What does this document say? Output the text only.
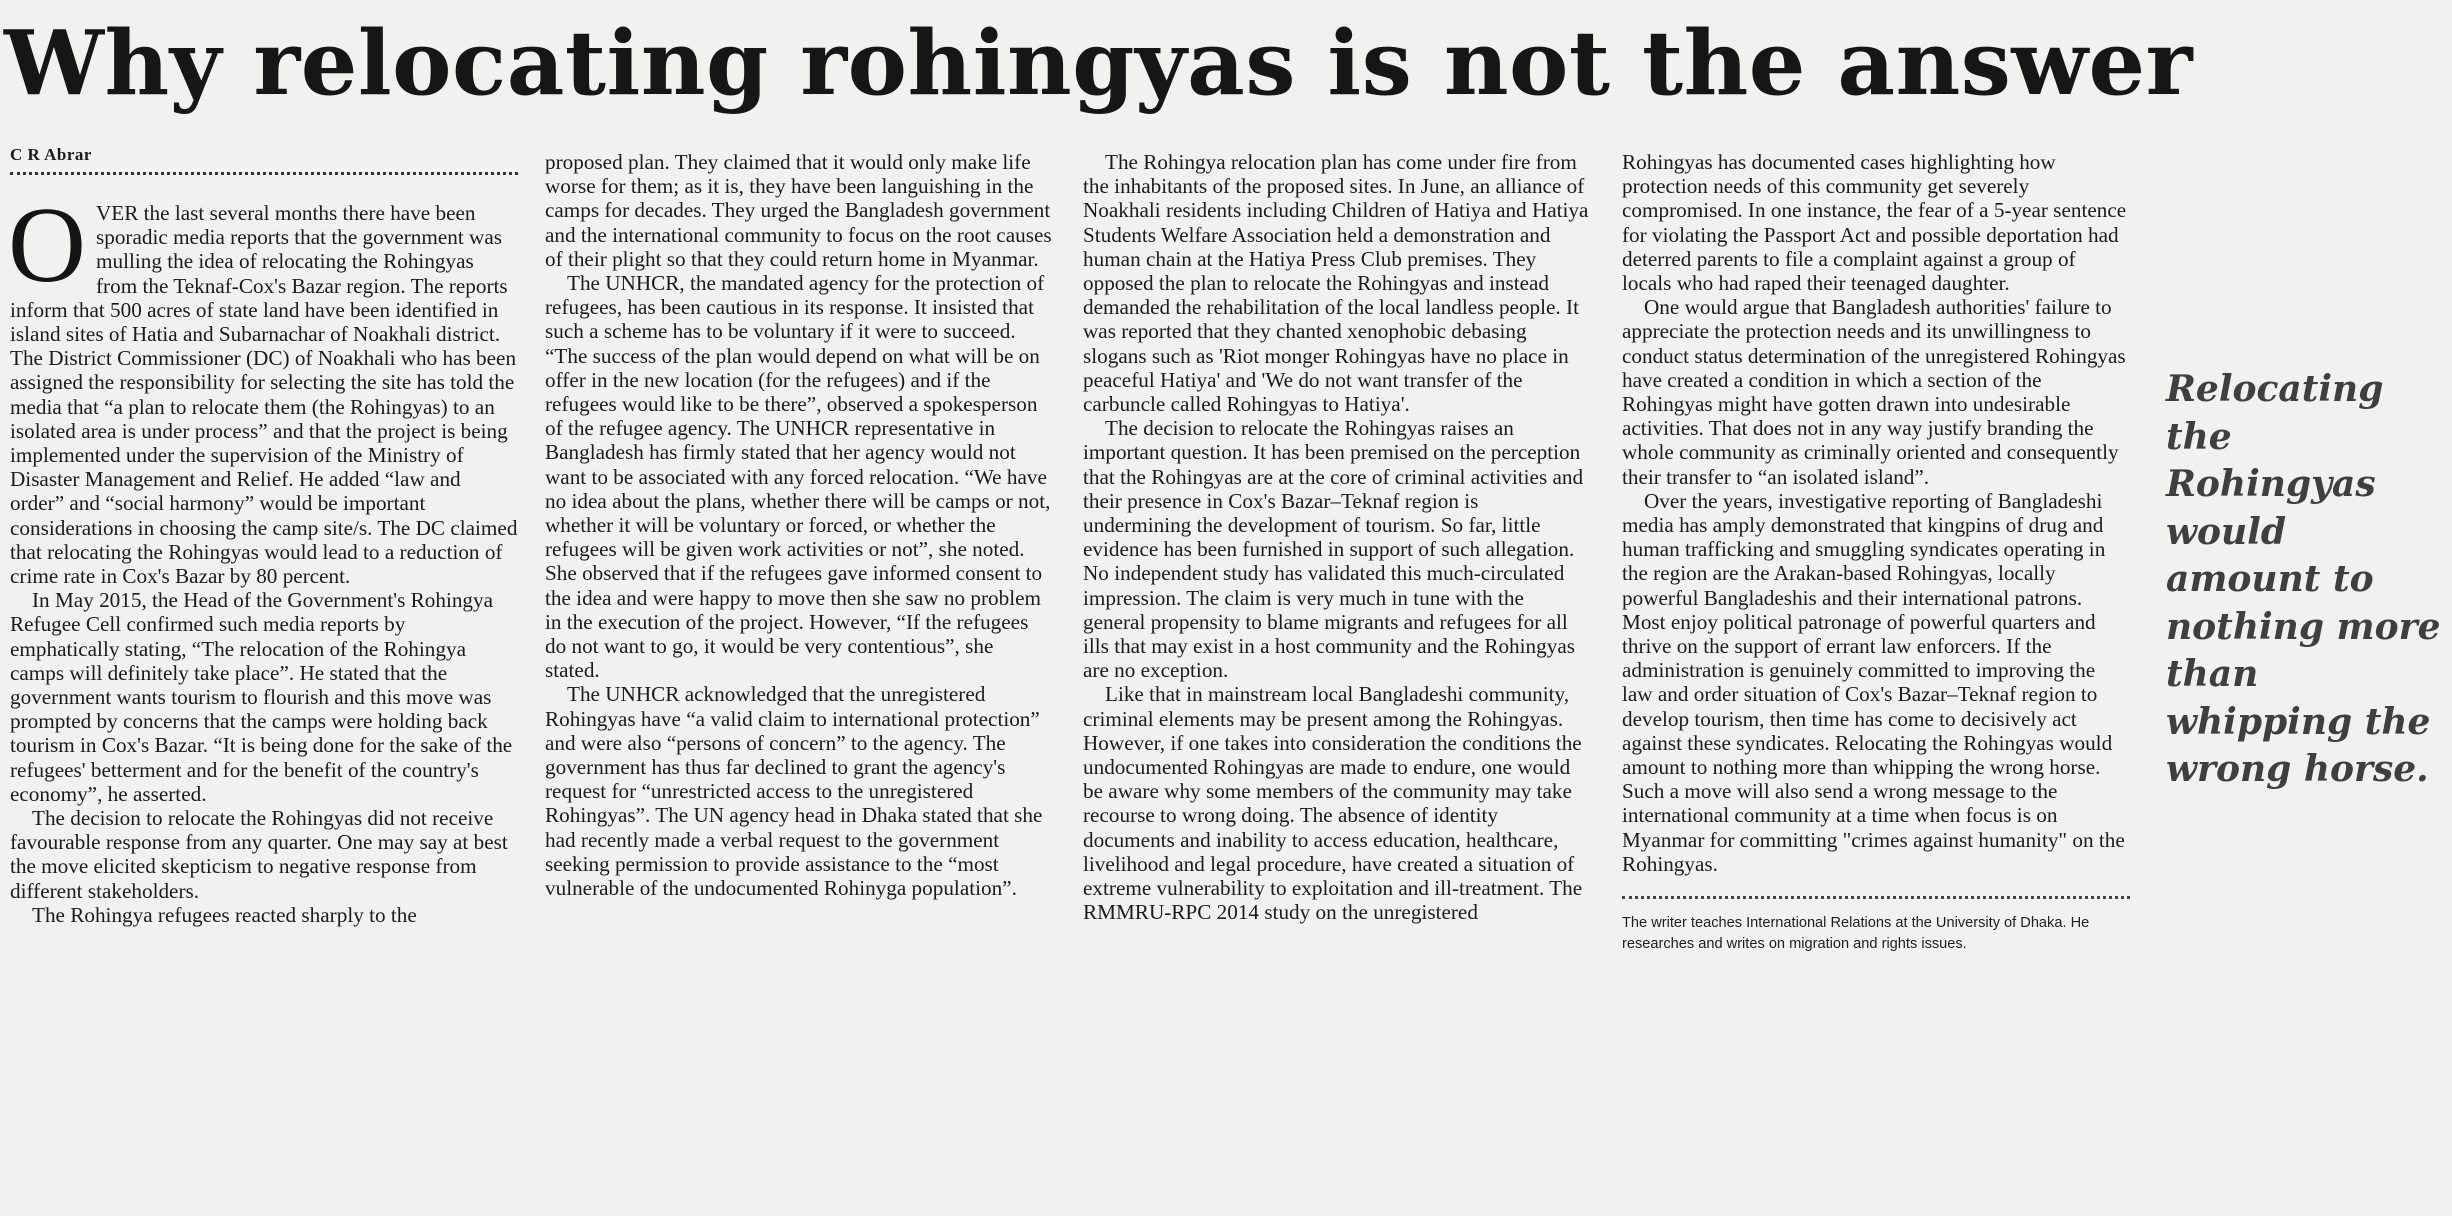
Why relocating rohingyas is not the answer
C R Abrar

OVER the last several months there have been sporadic media reports that the government was mulling the idea of relocating the Rohingyas from the Teknaf-Cox's Bazar region. The reports inform that 500 acres of state land have been identified in island sites of Hatia and Subarnachar of Noakhali district. The District Commissioner (DC) of Noakhali who has been assigned the responsibility for selecting the site has told the media that “a plan to relocate them (the Rohingyas) to an isolated area is under process” and that the project is being implemented under the supervision of the Ministry of Disaster Management and Relief. He added “law and order” and “social harmony” would be important considerations in choosing the camp site/s. The DC claimed that relocating the Rohingyas would lead to a reduction of crime rate in Cox's Bazar by 80 percent.

In May 2015, the Head of the Government's Rohingya Refugee Cell confirmed such media reports by emphatically stating, “The relocation of the Rohingya camps will definitely take place”. He stated that the government wants tourism to flourish and this move was prompted by concerns that the camps were holding back tourism in Cox's Bazar. “It is being done for the sake of the refugees' betterment and for the benefit of the country's economy”, he asserted.

The decision to relocate the Rohingyas did not receive favourable response from any quarter. One may say at best the move elicited skepticism to negative response from different stakeholders.

The Rohingya refugees reacted sharply to the

proposed plan. They claimed that it would only make life worse for them; as it is, they have been languishing in the camps for decades. They urged the Bangladesh government and the international community to focus on the root causes of their plight so that they could return home in Myanmar.

The UNHCR, the mandated agency for the protection of refugees, has been cautious in its response. It insisted that such a scheme has to be voluntary if it were to succeed. “The success of the plan would depend on what will be on offer in the new location (for the refugees) and if the refugees would like to be there”, observed a spokesperson of the refugee agency. The UNHCR representative in Bangladesh has firmly stated that her agency would not want to be associated with any forced relocation. “We have no idea about the plans, whether there will be camps or not, whether it will be voluntary or forced, or whether the refugees will be given work activities or not”, she noted. She observed that if the refugees gave informed consent to the idea and were happy to move then she saw no problem in the execution of the project. However, “If the refugees do not want to go, it would be very contentious”, she stated.

The UNHCR acknowledged that the unregistered Rohingyas have “a valid claim to international protection” and were also “persons of concern” to the agency. The government has thus far declined to grant the agency's request for “unrestricted access to the unregistered Rohingyas”. The UN agency head in Dhaka stated that she had recently made a verbal request to the government seeking permission to provide assistance to the “most vulnerable of the undocumented Rohinyga population”.

The Rohingya relocation plan has come under fire from the inhabitants of the proposed sites. In June, an alliance of Noakhali residents including Children of Hatiya and Hatiya Students Welfare Association held a demonstration and human chain at the Hatiya Press Club premises. They opposed the plan to relocate the Rohingyas and instead demanded the rehabilitation of the local landless people. It was reported that they chanted xenophobic debasing slogans such as 'Riot monger Rohingyas have no place in peaceful Hatiya' and 'We do not want transfer of the carbuncle called Rohingyas to Hatiya'.

The decision to relocate the Rohingyas raises an important question. It has been premised on the perception that the Rohingyas are at the core of criminal activities and their presence in Cox's Bazar–Teknaf region is undermining the development of tourism. So far, little evidence has been furnished in support of such allegation. No independent study has validated this much-circulated impression. The claim is very much in tune with the general propensity to blame migrants and refugees for all ills that may exist in a host community and the Rohingyas are no exception.

Like that in mainstream local Bangladeshi community, criminal elements may be present among the Rohingyas. However, if one takes into consideration the conditions the undocumented Rohingyas are made to endure, one would be aware why some members of the community may take recourse to wrong doing. The absence of identity documents and inability to access education, healthcare, livelihood and legal procedure, have created a situation of extreme vulnerability to exploitation and ill-treatment. The RMMRU-RPC 2014 study on the unregistered

Rohingyas has documented cases highlighting how protection needs of this community get severely compromised. In one instance, the fear of a 5-year sentence for violating the Passport Act and possible deportation had deterred parents to file a complaint against a group of locals who had raped their teenaged daughter.

One would argue that Bangladesh authorities' failure to appreciate the protection needs and its unwillingness to conduct status determination of the unregistered Rohingyas have created a condition in which a section of the Rohingyas might have gotten drawn into undesirable activities. That does not in any way justify branding the whole community as criminally oriented and consequently their transfer to “an isolated island”.

Over the years, investigative reporting of Bangladeshi media has amply demonstrated that kingpins of drug and human trafficking and smuggling syndicates operating in the region are the Arakan-based Rohingyas, locally powerful Bangladeshis and their international patrons. Most enjoy political patronage of powerful quarters and thrive on the support of errant law enforcers. If the administration is genuinely committed to improving the law and order situation of Cox's Bazar–Teknaf region to develop tourism, then time has come to decisively act against these syndicates. Relocating the Rohingyas would amount to nothing more than whipping the wrong horse. Such a move will also send a wrong message to the international community at a time when focus is on Myanmar for committing "crimes against humanity" on the Rohingyas.

The writer teaches International Relations at the University of Dhaka. He researches and writes on migration and rights issues.
Relocating the Rohingyas would amount to nothing more than whipping the wrong horse.
